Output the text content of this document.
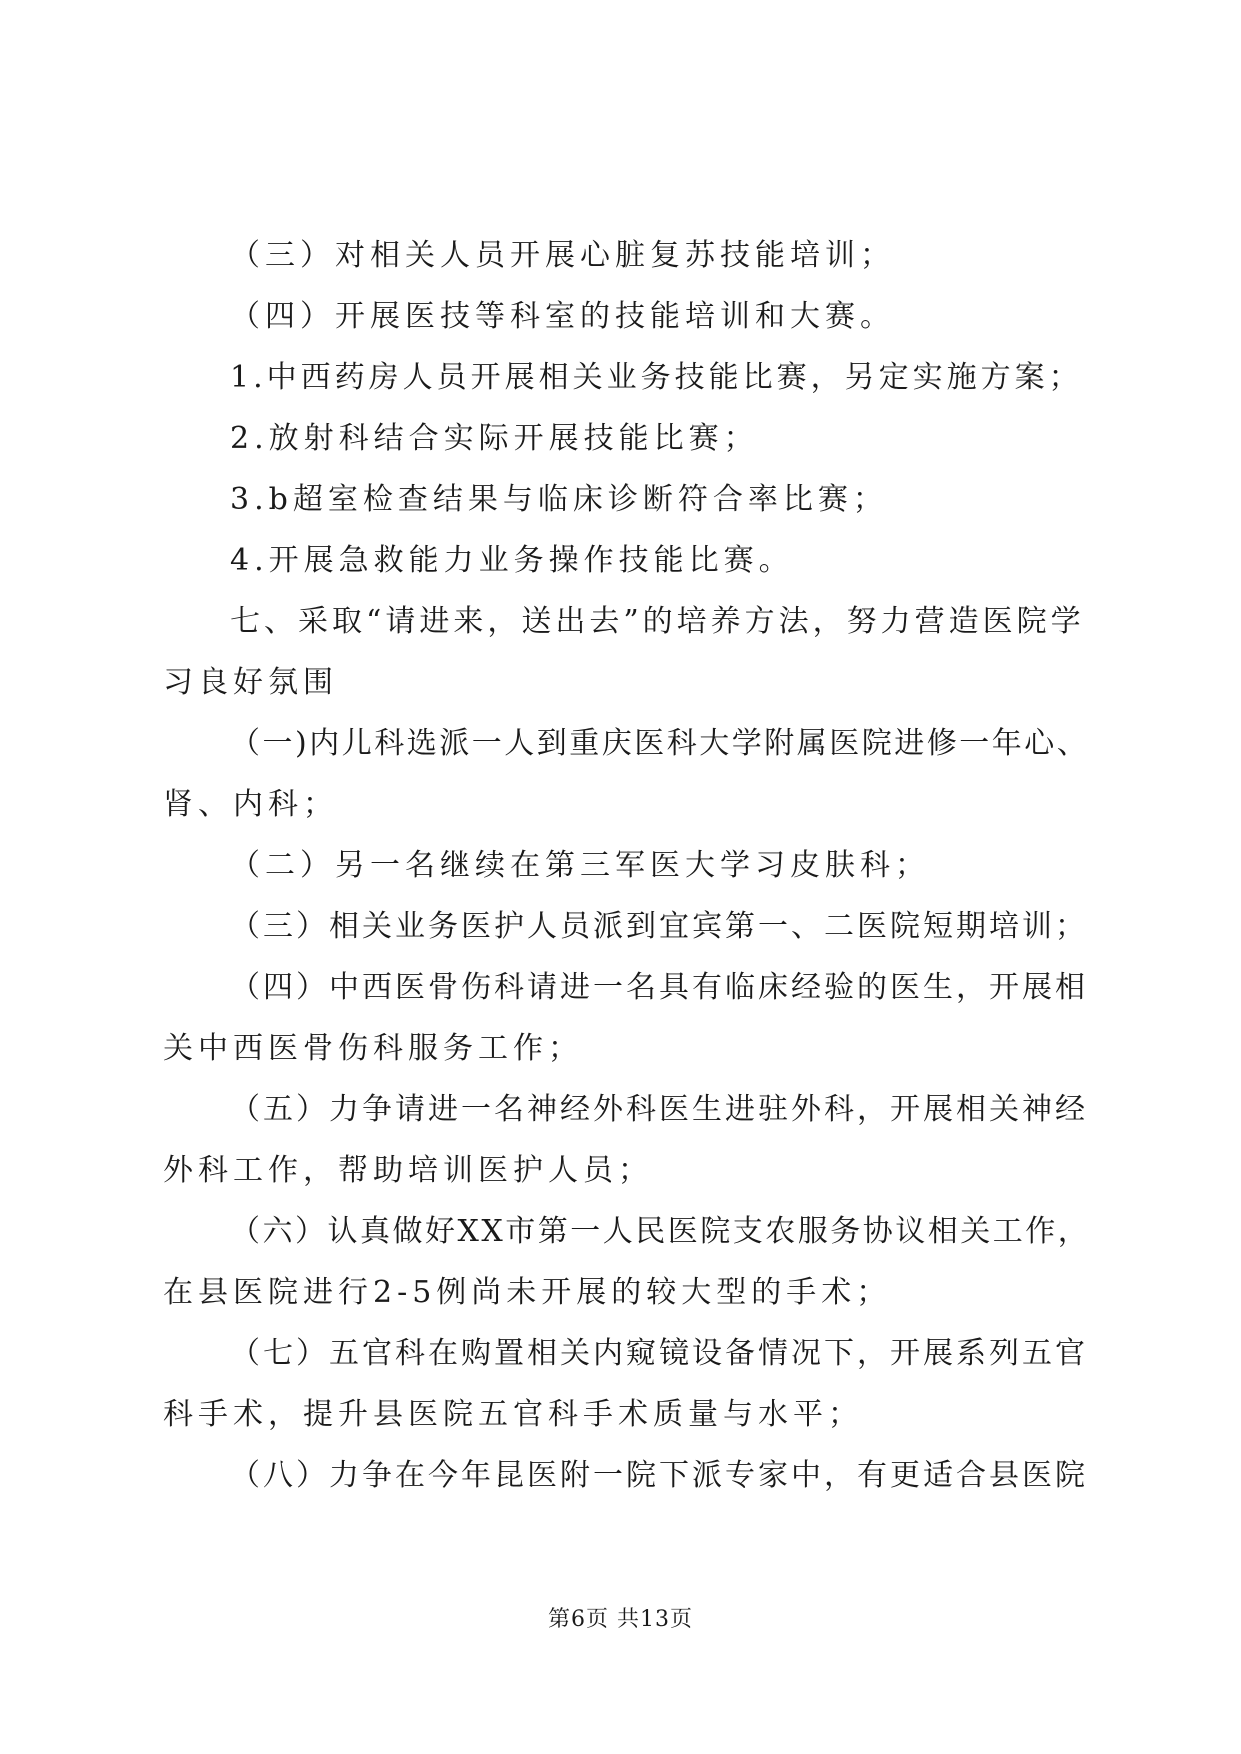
（三）对相关人员开展心脏复苏技能培训；
（四）开展医技等科室的技能培训和大赛。
1.中西药房人员开展相关业务技能比赛，另定实施方案；
2.放射科结合实际开展技能比赛；
3.b超室检查结果与临床诊断符合率比赛；
4.开展急救能力业务操作技能比赛。
七、采取“请进来，送出去”的培养方法，努力营造医院学
习良好氛围
（一)内儿科选派一人到重庆医科大学附属医院进修一年心、
肾、内科；
（二）另一名继续在第三军医大学习皮肤科；
（三）相关业务医护人员派到宜宾第一、二医院短期培训；
（四）中西医骨伤科请进一名具有临床经验的医生，开展相
关中西医骨伤科服务工作；
（五）力争请进一名神经外科医生进驻外科，开展相关神经
外科工作，帮助培训医护人员；
（六）认真做好XX市第一人民医院支农服务协议相关工作，
在县医院进行2-5例尚未开展的较大型的手术；
（七）五官科在购置相关内窥镜设备情况下，开展系列五官
科手术，提升县医院五官科手术质量与水平；
（八）力争在今年昆医附一院下派专家中，有更适合县医院
第6页 共13页
